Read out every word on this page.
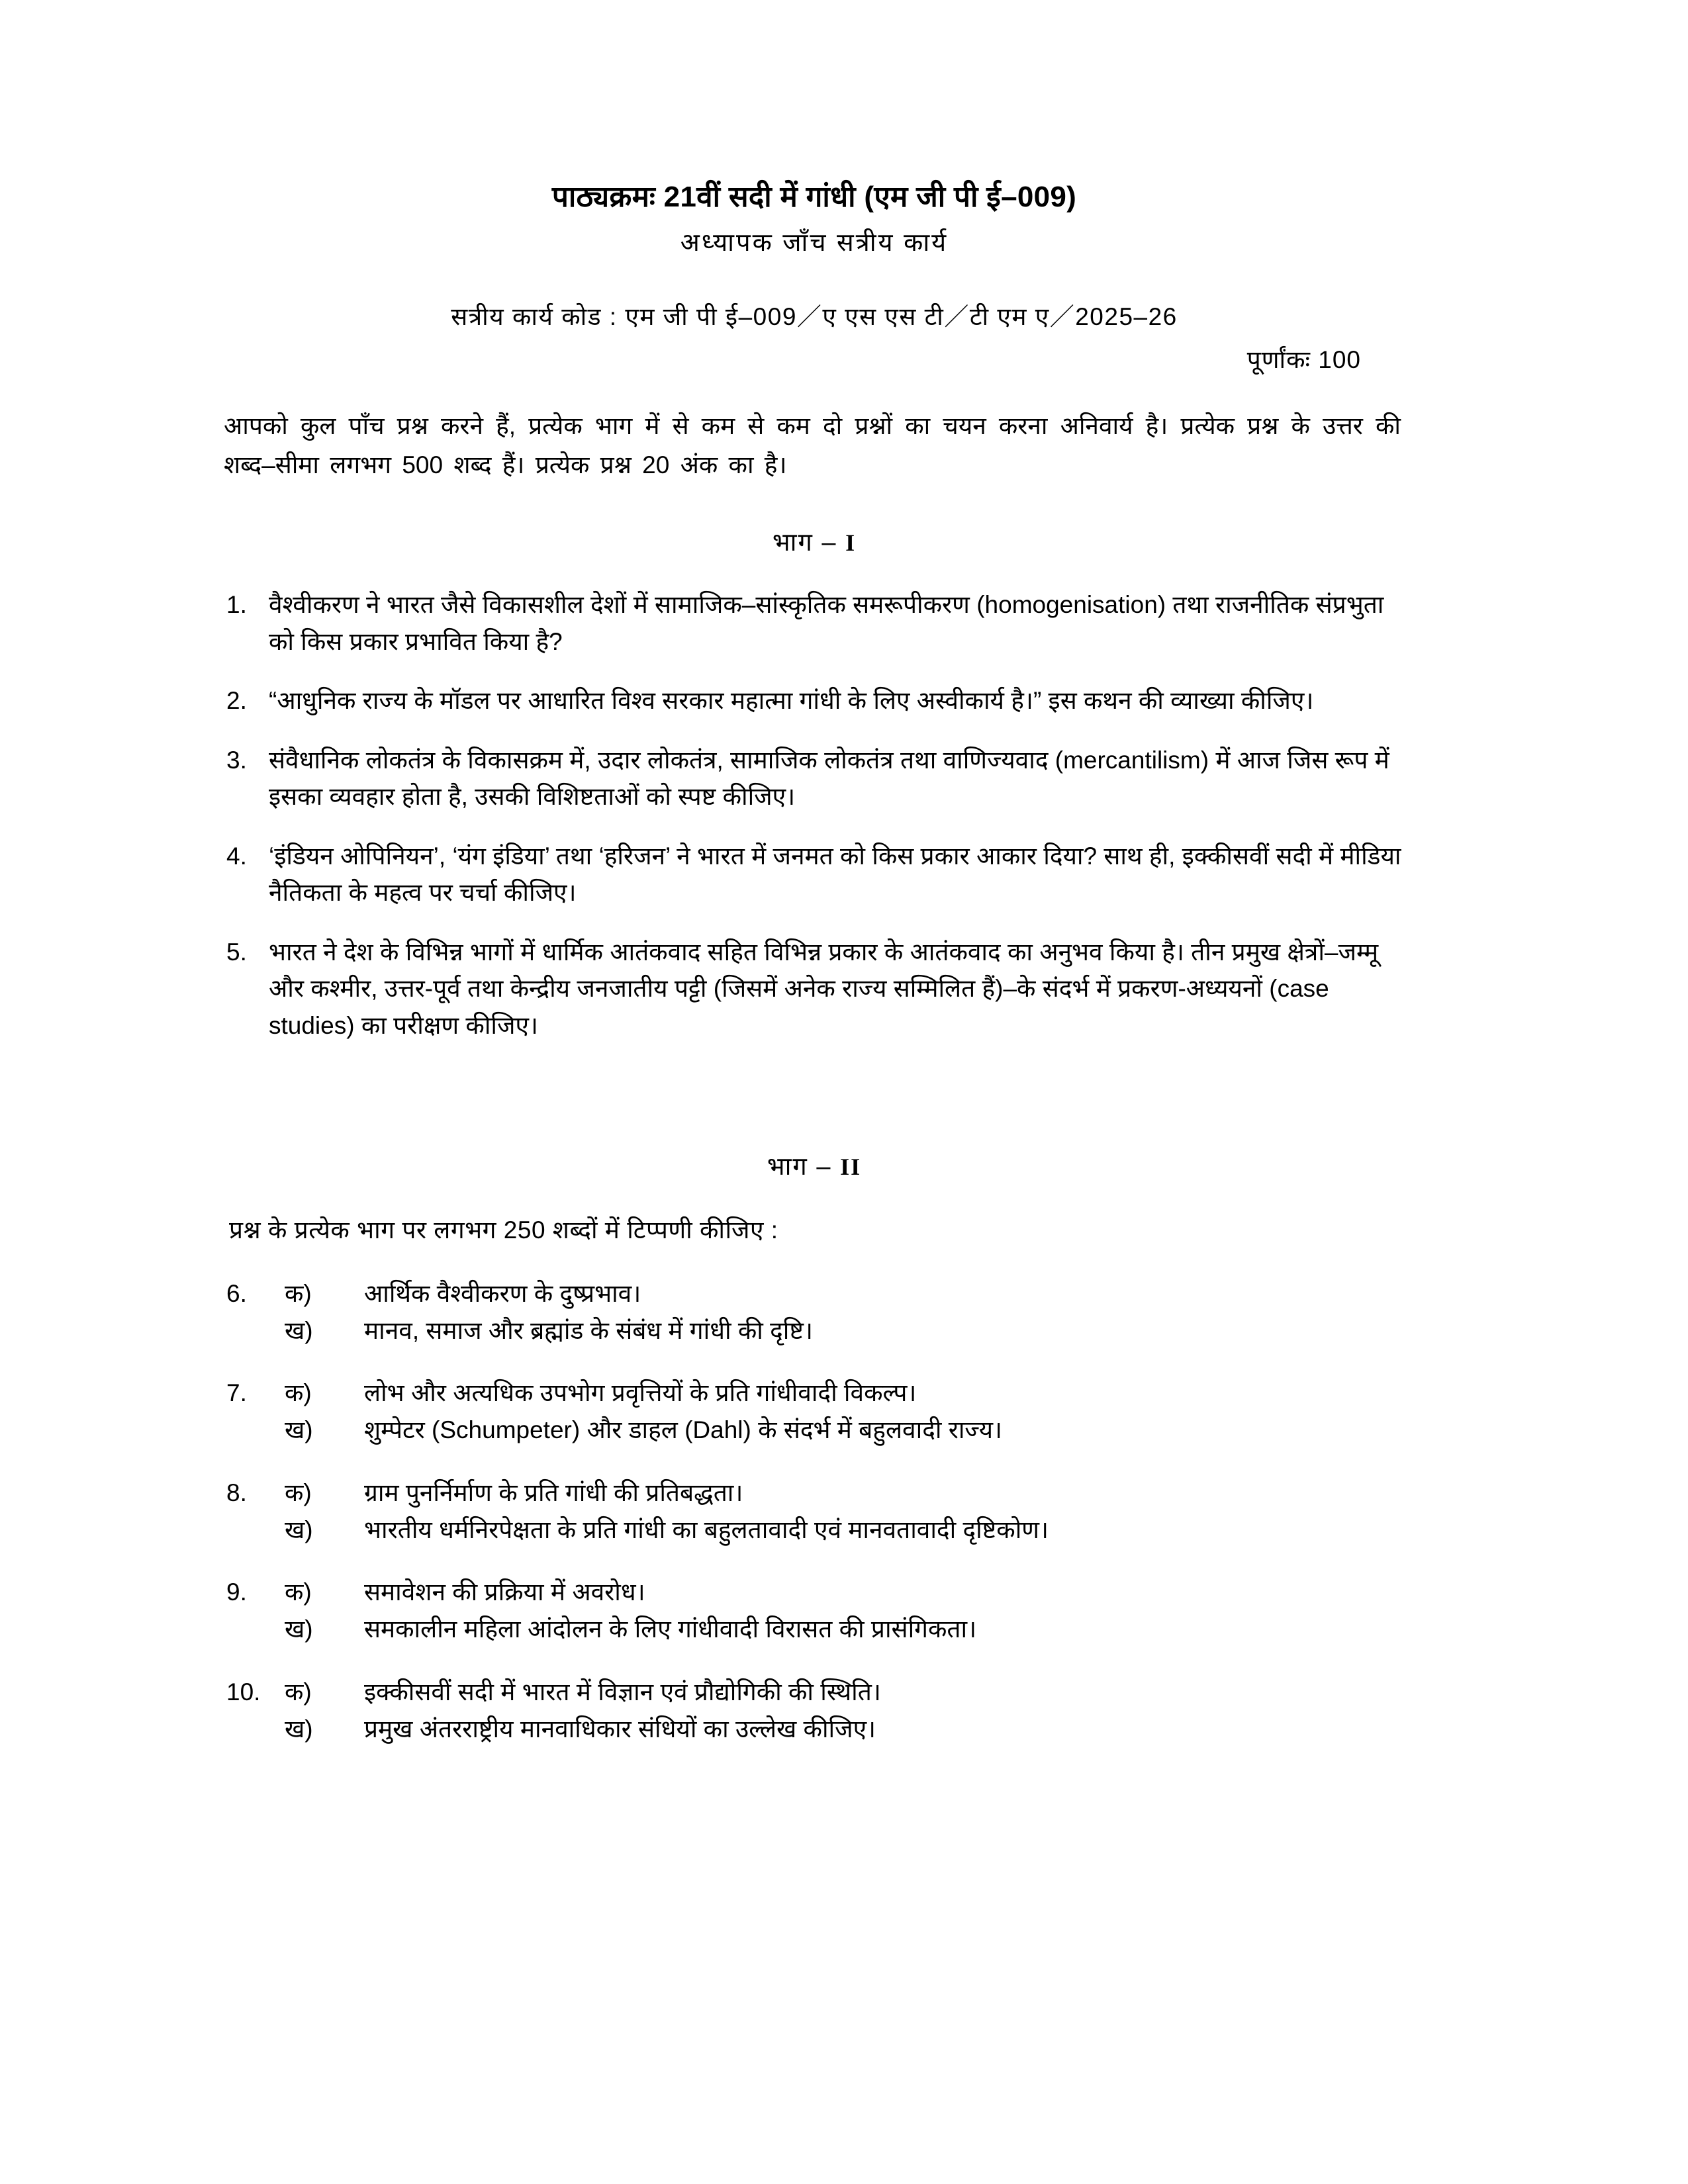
पाठ्यक्रमः 21वीं सदी में गांधी (एम जी पी ई–009)
अध्यापक जाँच सत्रीय कार्य
सत्रीय कार्य कोड : एम जी पी ई–009／ए एस एस टी／टी एम ए／2025–26
पूर्णांकः 100

आपको कुल पाँच प्रश्न करने हैं, प्रत्येक भाग में से कम से कम दो प्रश्नों का चयन करना अनिवार्य है। प्रत्येक प्रश्न के उत्तर की शब्द–सीमा लगभग 500 शब्द हैं। प्रत्येक प्रश्न 20 अंक का है।

भाग – I
1. वैश्वीकरण ने भारत जैसे विकासशील देशों में सामाजिक–सांस्कृतिक समरूपीकरण (homogenisation) तथा राजनीतिक संप्रभुता को किस प्रकार प्रभावित किया है?
2. “आधुनिक राज्य के मॉडल पर आधारित विश्व सरकार महात्मा गांधी के लिए अस्वीकार्य है।” इस कथन की व्याख्या कीजिए।
3. संवैधानिक लोकतंत्र के विकासक्रम में, उदार लोकतंत्र, सामाजिक लोकतंत्र तथा वाणिज्यवाद (mercantilism) में आज जिस रूप में इसका व्यवहार होता है, उसकी विशिष्टताओं को स्पष्ट कीजिए।
4. ‘इंडियन ओपिनियन’, ‘यंग इंडिया’ तथा ‘हरिजन’ ने भारत में जनमत को किस प्रकार आकार दिया? साथ ही, इक्कीसवीं सदी में मीडिया नैतिकता के महत्व पर चर्चा कीजिए।
5. भारत ने देश के विभिन्न भागों में धार्मिक आतंकवाद सहित विभिन्न प्रकार के आतंकवाद का अनुभव किया है। तीन प्रमुख क्षेत्रों–जम्मू और कश्मीर, उत्तर-पूर्व तथा केन्द्रीय जनजातीय पट्टी (जिसमें अनेक राज्य सम्मिलित हैं)–के संदर्भ में प्रकरण-अध्ययनों (case studies) का परीक्षण कीजिए।
भाग – II
प्रश्न के प्रत्येक भाग पर लगभग 250 शब्दों में टिप्पणी कीजिए :
6.	क)	आर्थिक वैश्वीकरण के दुष्प्रभाव।
ख)	मानव, समाज और ब्रह्मांड के संबंध में गांधी की दृष्टि।
7.	क)	लोभ और अत्यधिक उपभोग प्रवृत्तियों के प्रति गांधीवादी विकल्प।
ख)	शुम्पेटर (Schumpeter) और डाहल (Dahl) के संदर्भ में बहुलवादी राज्य।
8.	क)	ग्राम पुनर्निर्माण के प्रति गांधी की प्रतिबद्धता।
ख)	भारतीय धर्मनिरपेक्षता के प्रति गांधी का बहुलतावादी एवं मानवतावादी दृष्टिकोण।
9.	क)	समावेशन की प्रक्रिया में अवरोध।
ख)	समकालीन महिला आंदोलन के लिए गांधीवादी विरासत की प्रासंगिकता।
10. क)	इक्कीसवीं सदी में भारत में विज्ञान एवं प्रौद्योगिकी की स्थिति।
ख)	प्रमुख अंतरराष्ट्रीय मानवाधिकार संधियों का उल्लेख कीजिए।
